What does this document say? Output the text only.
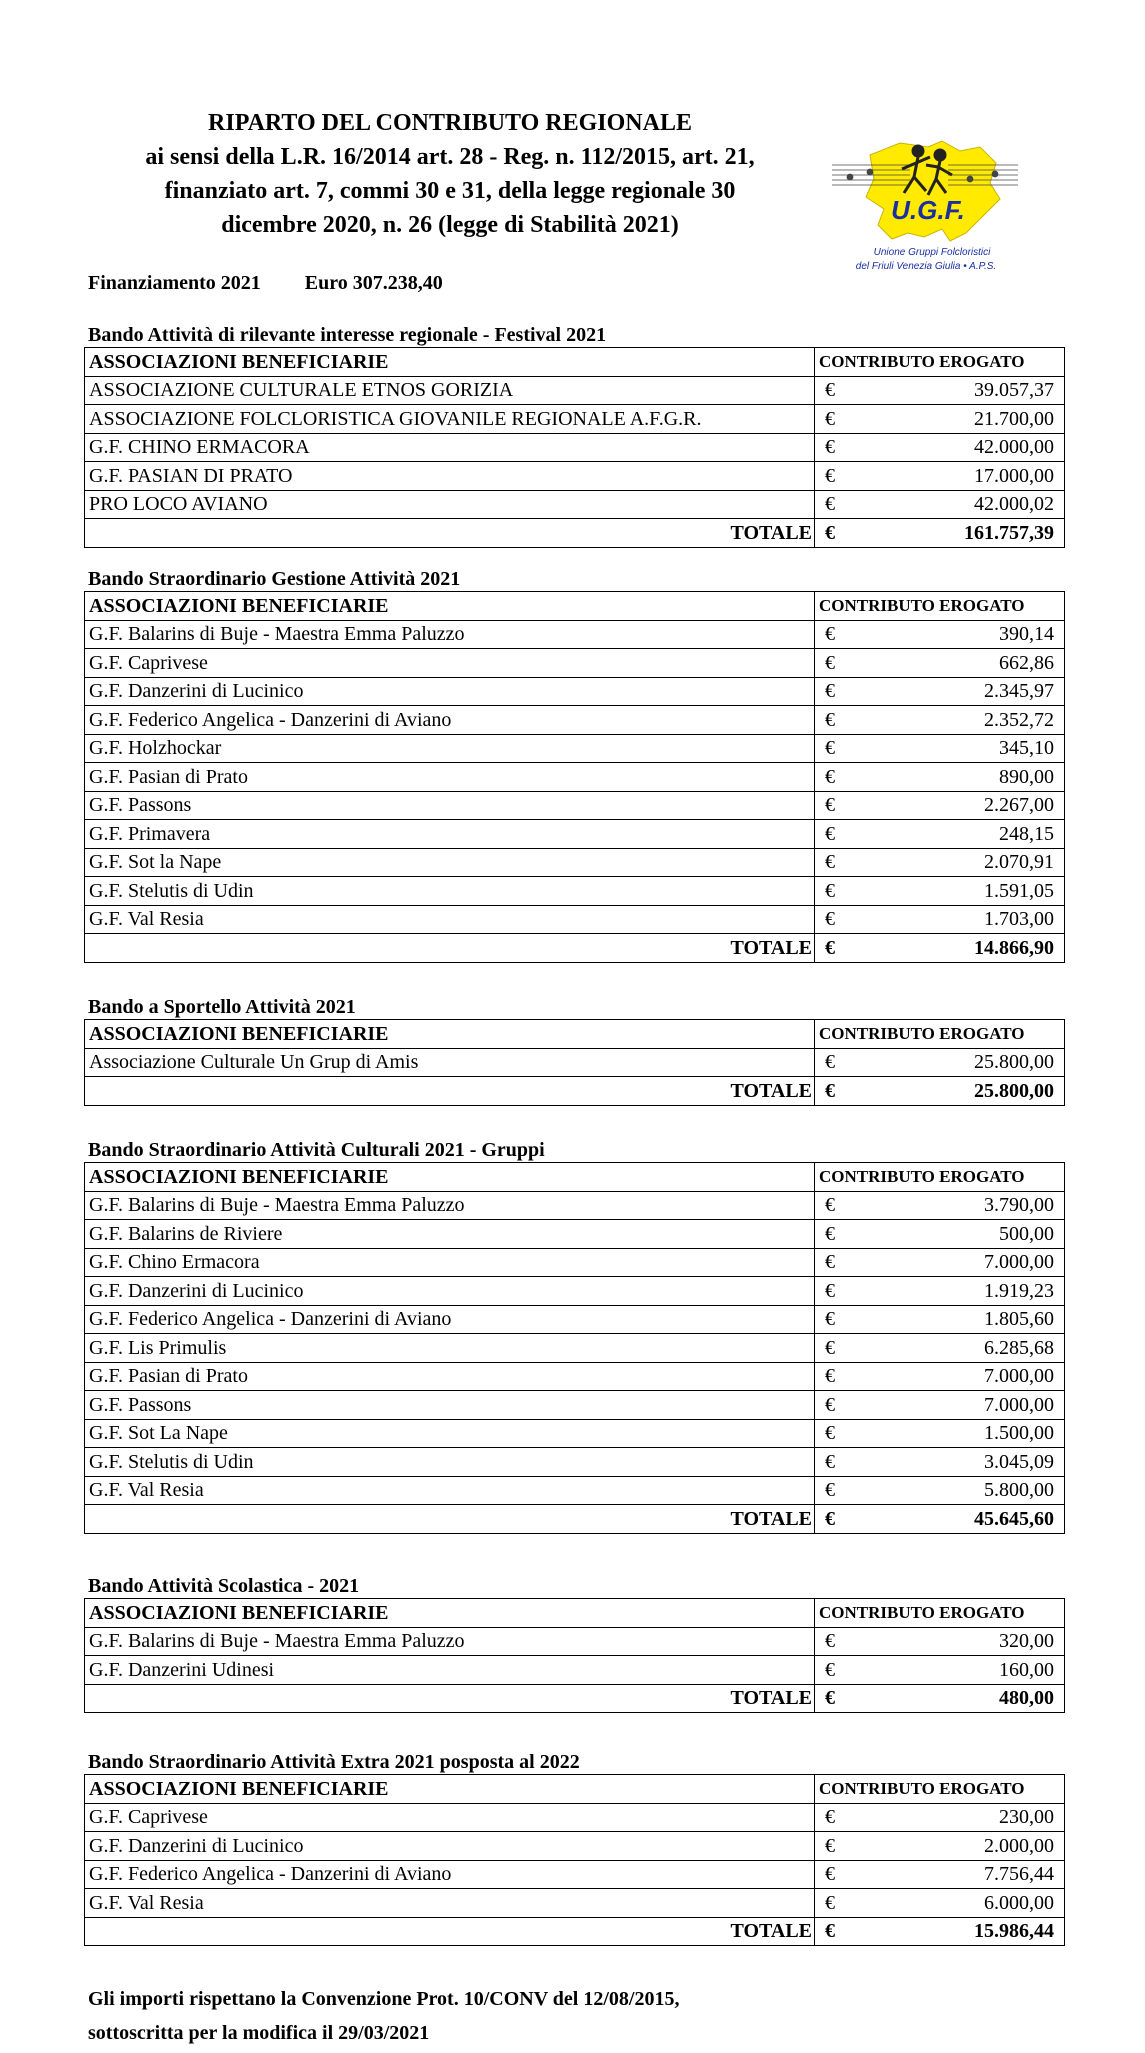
RIPARTO DEL CONTRIBUTO REGIONALE
ai sensi della L.R. 16/2014 art. 28 - Reg. n. 112/2015, art. 21,
finanziato art. 7, commi 30 e 31, della legge regionale 30
dicembre 2020, n. 26 (legge di Stabilità 2021)	U.G.F.
Unione Gruppi Folcloristici
del Friuli Venezia Giulia • A.P.S.
Finanziamento 2021 Euro 307.238,40
Bando Attività di rilevante interesse regionale - Festival 2021
ASSOCIAZIONI BENEFICIARIE	CONTRIBUTO EROGATO
ASSOCIAZIONE CULTURALE ETNOS GORIZIA	€ 39.057,37

ASSOCIAZIONE FOLCLORISTICA GIOVANILE REGIONALE A.F.G.R.	€ 21.700,00

G.F. CHINO ERMACORA	€ 42.000,00

G.F. PASIAN DI PRATO	€ 17.000,00

PRO LOCO AVIANO	€ 42.000,02

TOTALE	€ 161.757,39
Bando Straordinario Gestione Attività 2021
ASSOCIAZIONI BENEFICIARIE	CONTRIBUTO EROGATO
G.F. Balarins di Buje - Maestra Emma Paluzzo	€ 390,14

G.F. Caprivese	€ 662,86

G.F. Danzerini di Lucinico	€ 2.345,97

G.F. Federico Angelica - Danzerini di Aviano	€ 2.352,72

G.F. Holzhockar	€ 345,10

G.F. Pasian di Prato	€ 890,00

G.F. Passons	€ 2.267,00

G.F. Primavera	€ 248,15

G.F. Sot la Nape	€ 2.070,91

G.F. Stelutis di Udin	€ 1.591,05

G.F. Val Resia	€ 1.703,00

TOTALE	€ 14.866,90
Bando a Sportello Attività 2021
ASSOCIAZIONI BENEFICIARIE	CONTRIBUTO EROGATO
Associazione Culturale Un Grup di Amis	€ 25.800,00

TOTALE	€ 25.800,00
Bando Straordinario Attività Culturali 2021 - Gruppi
ASSOCIAZIONI BENEFICIARIE	CONTRIBUTO EROGATO
G.F. Balarins di Buje - Maestra Emma Paluzzo	€ 3.790,00

G.F. Balarins de Riviere	€ 500,00

G.F. Chino Ermacora	€ 7.000,00

G.F. Danzerini di Lucinico	€ 1.919,23

G.F. Federico Angelica - Danzerini di Aviano	€ 1.805,60

G.F. Lis Primulis	€ 6.285,68

G.F. Pasian di Prato	€ 7.000,00

G.F. Passons	€ 7.000,00

G.F. Sot La Nape	€ 1.500,00

G.F. Stelutis di Udin	€ 3.045,09

G.F. Val Resia	€ 5.800,00

TOTALE	€ 45.645,60
Bando Attività Scolastica - 2021
ASSOCIAZIONI BENEFICIARIE	CONTRIBUTO EROGATO
G.F. Balarins di Buje - Maestra Emma Paluzzo	€ 320,00

G.F. Danzerini Udinesi	€ 160,00

TOTALE	€ 480,00
Bando Straordinario Attività Extra 2021 posposta al 2022
ASSOCIAZIONI BENEFICIARIE	CONTRIBUTO EROGATO
G.F. Caprivese	€ 230,00

G.F. Danzerini di Lucinico	€ 2.000,00

G.F. Federico Angelica - Danzerini di Aviano	€ 7.756,44

G.F. Val Resia	€ 6.000,00

TOTALE	€ 15.986,44
Gli importi rispettano la Convenzione Prot. 10/CONV del 12/08/2015,
sottoscritta per la modifica il 29/03/2021
